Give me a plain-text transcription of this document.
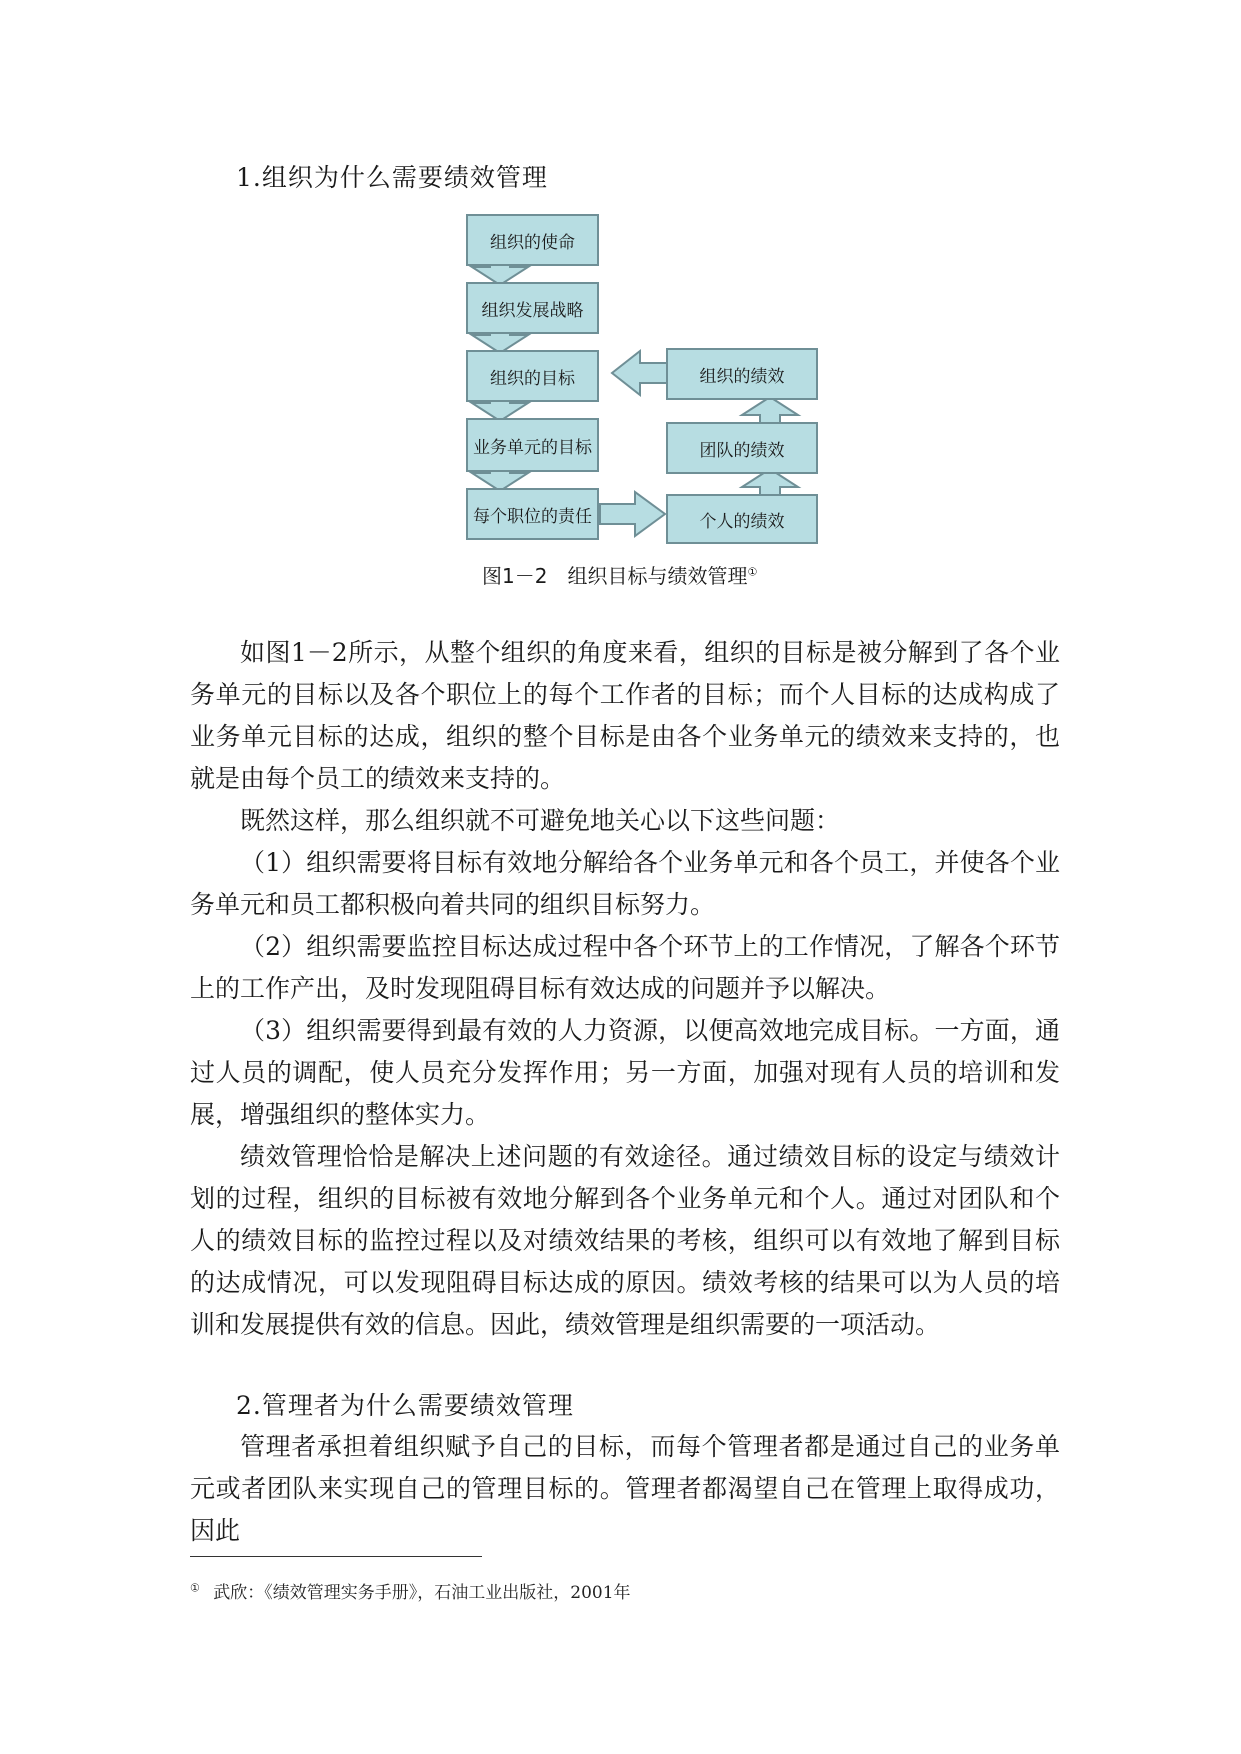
1.组织为什么需要绩效管理
组织的使命
组织发展战略
组织的目标
业务单元的目标
每个职位的责任
组织的绩效
团队的绩效
个人的绩效
图1－2　组织目标与绩效管理①

如图1－2所示，从整个组织的角度来看，组织的目标是被分解到了各个业务单元的目标以及各个职位上的每个工作者的目标；而个人目标的达成构成了业务单元目标的达成，组织的整个目标是由各个业务单元的绩效来支持的，也就是由每个员工的绩效来支持的。

既然这样，那么组织就不可避免地关心以下这些问题：

（1）组织需要将目标有效地分解给各个业务单元和各个员工，并使各个业务单元和员工都积极向着共同的组织目标努力。

（2）组织需要监控目标达成过程中各个环节上的工作情况，了解各个环节上的工作产出，及时发现阻碍目标有效达成的问题并予以解决。

（3）组织需要得到最有效的人力资源，以便高效地完成目标。一方面，通过人员的调配，使人员充分发挥作用；另一方面，加强对现有人员的培训和发展，增强组织的整体实力。

绩效管理恰恰是解决上述问题的有效途径。通过绩效目标的设定与绩效计划的过程，组织的目标被有效地分解到各个业务单元和个人。通过对团队和个人的绩效目标的监控过程以及对绩效结果的考核，组织可以有效地了解到目标的达成情况，可以发现阻碍目标达成的原因。绩效考核的结果可以为人员的培训和发展提供有效的信息。因此，绩效管理是组织需要的一项活动。

2.管理者为什么需要绩效管理

管理者承担着组织赋予自己的目标，而每个管理者都是通过自己的业务单元或者团队来实现自己的管理目标的。管理者都渴望自己在管理上取得成功，因此

① 武欣：《绩效管理实务手册》，石油工业出版社，2001年
